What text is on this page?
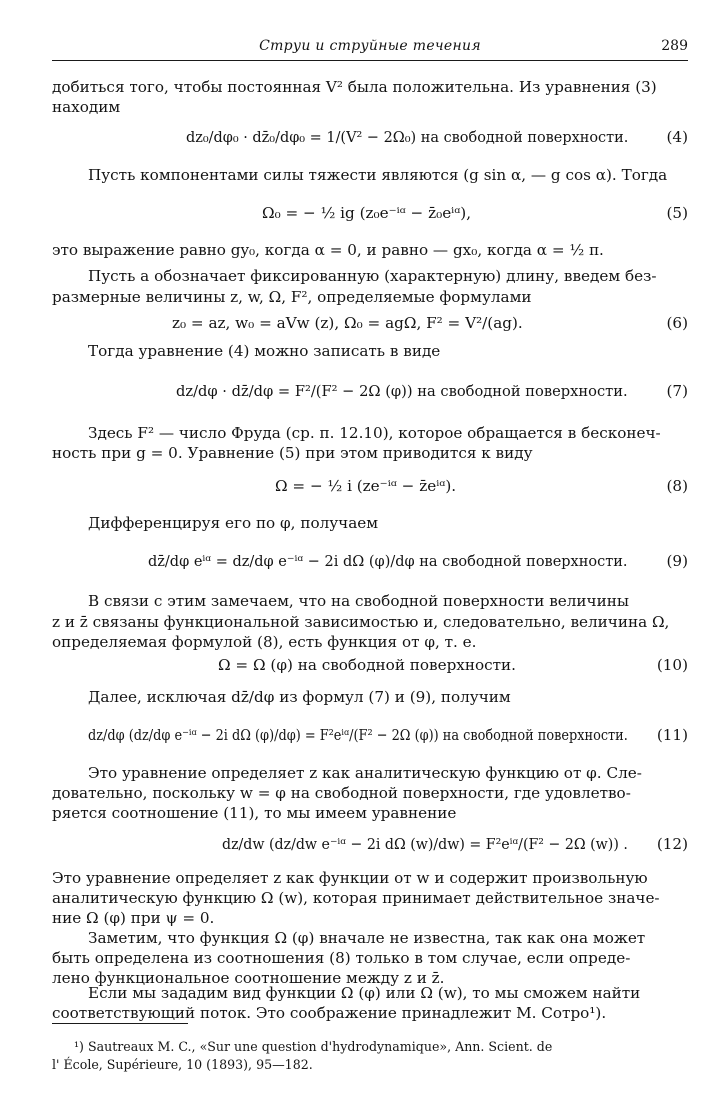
Струи и струйные течения	289
добиться того, чтобы постоянная V² была положительна. Из уравнения (3)
находим
dz₀/dφ₀ · dz̄₀/dφ₀ = 1/(V² − 2Ω₀) на свободной поверхности.	(4)
Пусть компонентами силы тяжести являются (g sin α, — g cos α). Тогда
Ω₀ = − ½ ig (z₀e⁻ⁱᵅ − z̄₀eⁱᵅ),	(5)
это выражение равно gy₀, когда α = 0, и равно — gx₀, когда α = ½ π.
Пусть a обозначает фиксированную (характерную) длину, введем без-
размерные величины z, w, Ω, F², определяемые формулами
z₀ = az, w₀ = aVw (z), Ω₀ = agΩ, F² = V²/(ag).	(6)
Тогда уравнение (4) можно записать в виде
dz/dφ · dz̄/dφ = F²/(F² − 2Ω (φ)) на свободной поверхности.	(7)
Здесь F² — число Фруда (ср. п. 12.10), которое обращается в бесконеч-
ность при g = 0. Уравнение (5) при этом приводится к виду
Ω = − ½ i (ze⁻ⁱᵅ − z̄eⁱᵅ).	(8)
Дифференцируя его по φ, получаем
dz̄/dφ eⁱᵅ = dz/dφ e⁻ⁱᵅ − 2i dΩ (φ)/dφ на свободной поверхности.	(9)
В связи с этим замечаем, что на свободной поверхности величины
z и z̄ связаны функциональной зависимостью и, следовательно, величина Ω,
определяемая формулой (8), есть функция от φ, т. е.
Ω = Ω (φ) на свободной поверхности.	(10)
Далее, исключая dz̄/dφ из формул (7) и (9), получим
dz/dφ (dz/dφ e⁻ⁱᵅ − 2i dΩ (φ)/dφ) = F²eⁱᵅ/(F² − 2Ω (φ)) на свободной поверхности. (11)
Это уравнение определяет z как аналитическую функцию от φ. Сле-
довательно, поскольку w = φ на свободной поверхности, где удовлетво-
ряется соотношение (11), то мы имеем уравнение
dz/dw (dz/dw e⁻ⁱᵅ − 2i dΩ (w)/dw) = F²eⁱᵅ/(F² − 2Ω (w)) . (12)
Это уравнение определяет z как функции от w и содержит произвольную
аналитическую функцию Ω (w), которая принимает действительное значе-
ние Ω (φ) при ψ = 0.
Заметим, что функция Ω (φ) вначале не известна, так как она может
быть определена из соотношения (8) только в том случае, если опреде-
лено функциональное соотношение между z и z̄.
Если мы зададим вид функции Ω (φ) или Ω (w), то мы сможем найти
соответствующий поток. Это соображение принадлежит М. Сотро¹).
¹) Sautreaux M. C., «Sur une question d'hydrodynamique», Ann. Scient. de
l' École, Supérieure, 10 (1893), 95—182.
